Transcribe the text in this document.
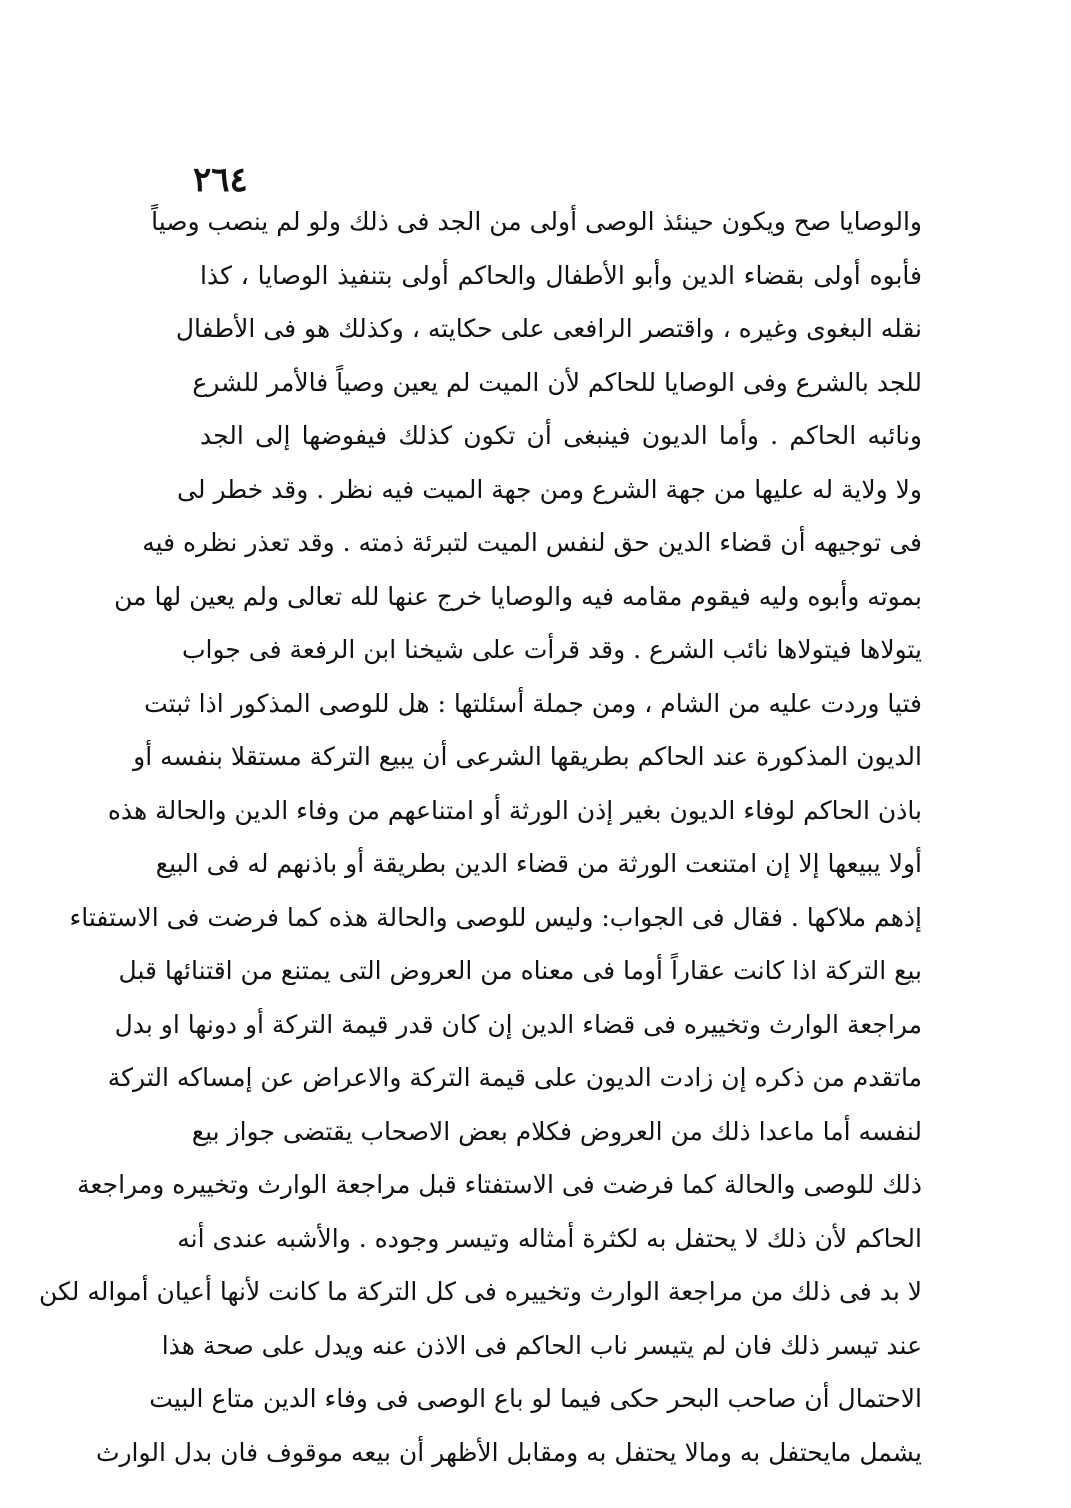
٢٦٤
والوصايا صح ويكون حينئذ الوصى أولى من الجد فى ذلك ولو لم ينصب وصياً
فأبوه أولى بقضاء الدين وأبو الأطفال والحاكم أولى بتنفيذ الوصايا ، كذا
نقله البغوى وغيره ، واقتصر الرافعى على حكايته ، وكذلك هو فى الأطفال
للجد بالشرع وفى الوصايا للحاكم لأن الميت لم يعين وصياً فالأمر للشرع
ونائبه الحاكم . وأما الديون فينبغى أن تكون كذلك فيفوضها إلى الجد
ولا ولاية له عليها من جهة الشرع ومن جهة الميت فيه نظر . وقد خطر لى
فى توجيهه أن قضاء الدين حق لنفس الميت لتبرئة ذمته . وقد تعذر نظره فيه
بموته وأبوه وليه فيقوم مقامه فيه والوصايا خرج عنها لله تعالى ولم يعين لها من
يتولاها فيتولاها نائب الشرع . وقد قرأت على شيخنا ابن الرفعة فى جواب
فتيا وردت عليه من الشام ، ومن جملة أسئلتها : هل للوصى المذكور اذا ثبتت
الديون المذكورة عند الحاكم بطريقها الشرعى أن يبيع التركة مستقلا بنفسه أو
باذن الحاكم لوفاء الديون بغير إذن الورثة أو امتناعهم من وفاء الدين والحالة هذه
أولا يبيعها إلا إن امتنعت الورثة من قضاء الدين بطريقة أو باذنهم له فى البيع
إذهم ملاكها . فقال فى الجواب: وليس للوصى والحالة هذه كما فرضت فى الاستفتاء
بيع التركة اذا كانت عقاراً أوما فى معناه من العروض التى يمتنع من اقتنائها قبل
مراجعة الوارث وتخييره فى قضاء الدين إن كان قدر قيمة التركة أو دونها او بدل
ماتقدم من ذكره إن زادت الديون على قيمة التركة والاعراض عن إمساكه التركة
لنفسه أما ماعدا ذلك من العروض فكلام بعض الاصحاب يقتضى جواز بيع
ذلك للوصى والحالة كما فرضت فى الاستفتاء قبل مراجعة الوارث وتخييره ومراجعة
الحاكم لأن ذلك لا يحتفل به لكثرة أمثاله وتيسر وجوده . والأشبه عندى أنه
لا بد فى ذلك من مراجعة الوارث وتخييره فى كل التركة ما كانت لأنها أعيان أمواله لكن
عند تيسر ذلك فان لم يتيسر ناب الحاكم فى الاذن عنه ويدل على صحة هذا
الاحتمال أن صاحب البحر حكى فيما لو باع الوصى فى وفاء الدين متاع البيت
يشمل مايحتفل به ومالا يحتفل به ومقابل الأظهر أن بيعه موقوف فان بدل الوارث
